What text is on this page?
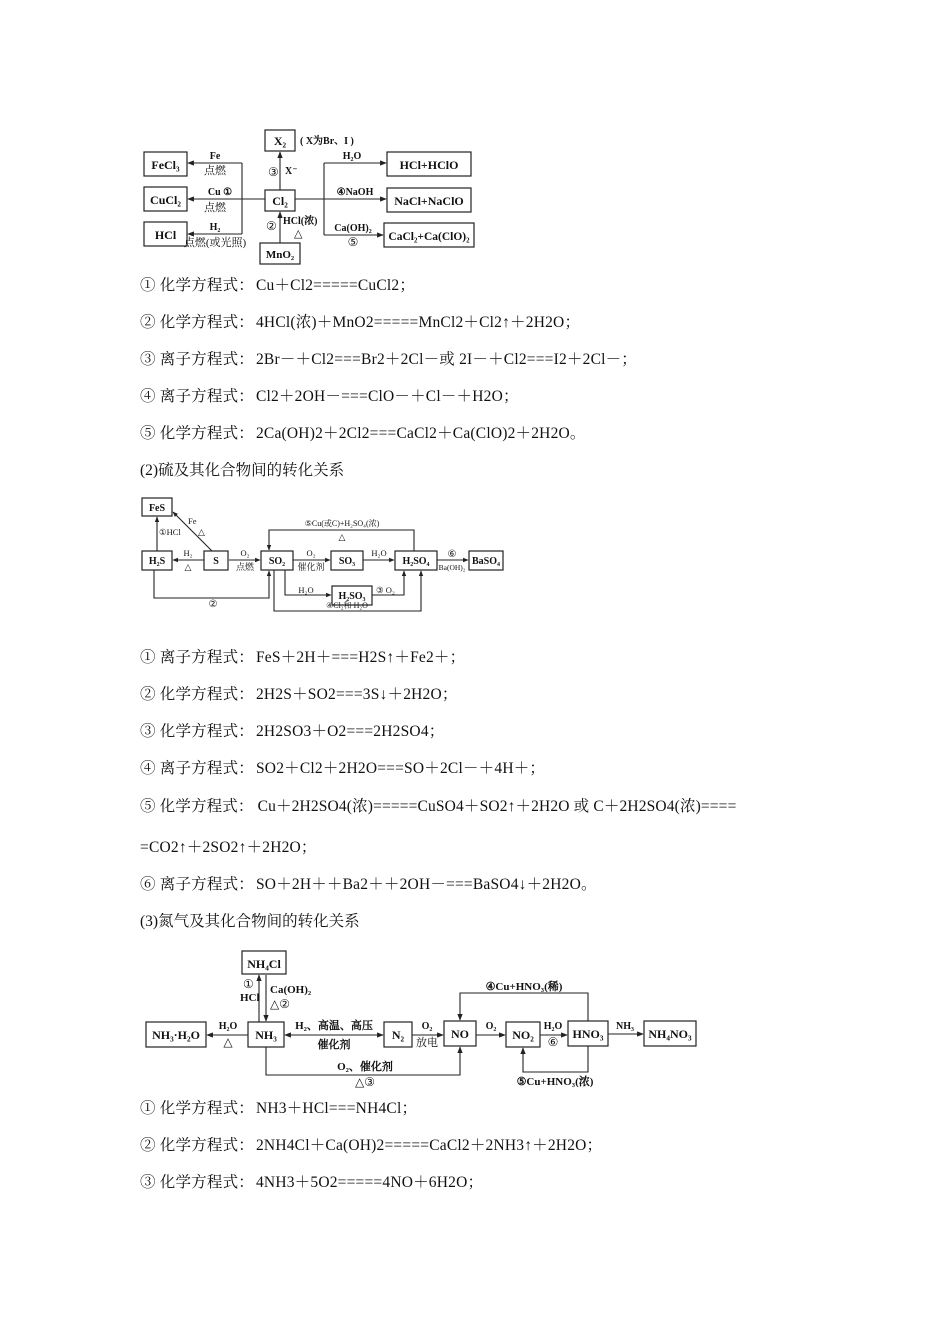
FeCl₃
CuCl₂
HCl
X₂
Cl₂
MnO₂
HCl+HClO
NaCl+NaClO
CaCl₂+Ca(ClO)₂
( X为Br、I )
③ X⁻
Fe
点燃
Cu ①
点燃
H₂
点燃(或光照)
② HCl(浓)
△
H₂O
④NaOH
Ca(OH)₂
⑤
① 化学方程式： Cu＋Cl2=====CuCl2；
② 化学方程式： 4HCl(浓)＋MnO2=====MnCl2＋Cl2↑＋2H2O；
③ 离子方程式： 2Br－＋Cl2===Br2＋2Cl－或 2I－＋Cl2===I2＋2Cl－；
④ 离子方程式： Cl2＋2OH－===ClO－＋Cl－＋H2O；
⑤ 化学方程式： 2Ca(OH)2＋2Cl2===CaCl2＋Ca(ClO)2＋2H2O。
(2)硫及其化合物间的转化关系
FeS
H₂S	S	SO₂	SO₃	H₂SO₄	BaSO₄
H₂SO₃
①HCl
Fe
△
H₂
△
O₂
点燃
O₂
催化剂
H₂O	⑥
Ba(OH)₂
⑤Cu(或C)+H₂SO₄(浓)
△
H₂O
②
③ O₂
④Cl₂和 H₂O
① 离子方程式： FeS＋2H＋===H2S↑＋Fe2＋；
② 化学方程式： 2H2S＋SO2===3S↓＋2H2O；
③ 化学方程式： 2H2SO3＋O2===2H2SO4；
④ 离子方程式： SO2＋Cl2＋2H2O===SO＋2Cl－＋4H＋；
⑤ 化学方程式： Cu＋2H2SO4(浓)=====CuSO4＋SO2↑＋2H2O 或 C＋2H2SO4(浓)====
=CO2↑＋2SO2↑＋2H2O；
⑥ 离子方程式： SO＋2H＋＋Ba2＋＋2OH－===BaSO4↓＋2H2O。
(3)氮气及其化合物间的转化关系
NH₄Cl
NH₃·H₂O	NH₃	N₂	NO	NO₂	HNO₃	NH₄NO₃
①
HCl
Ca(OH)₂
△②
H₂O
△
H₂、高温、高压
催化剂
O₂
放电
O₂	H₂O
⑥
NH₃
④Cu+HNO₃(稀)
⑤Cu+HNO₃(浓)
O₂、催化剂
△③
① 化学方程式： NH3＋HCl===NH4Cl；
② 化学方程式： 2NH4Cl＋Ca(OH)2=====CaCl2＋2NH3↑＋2H2O；
③ 化学方程式： 4NH3＋5O2=====4NO＋6H2O；
